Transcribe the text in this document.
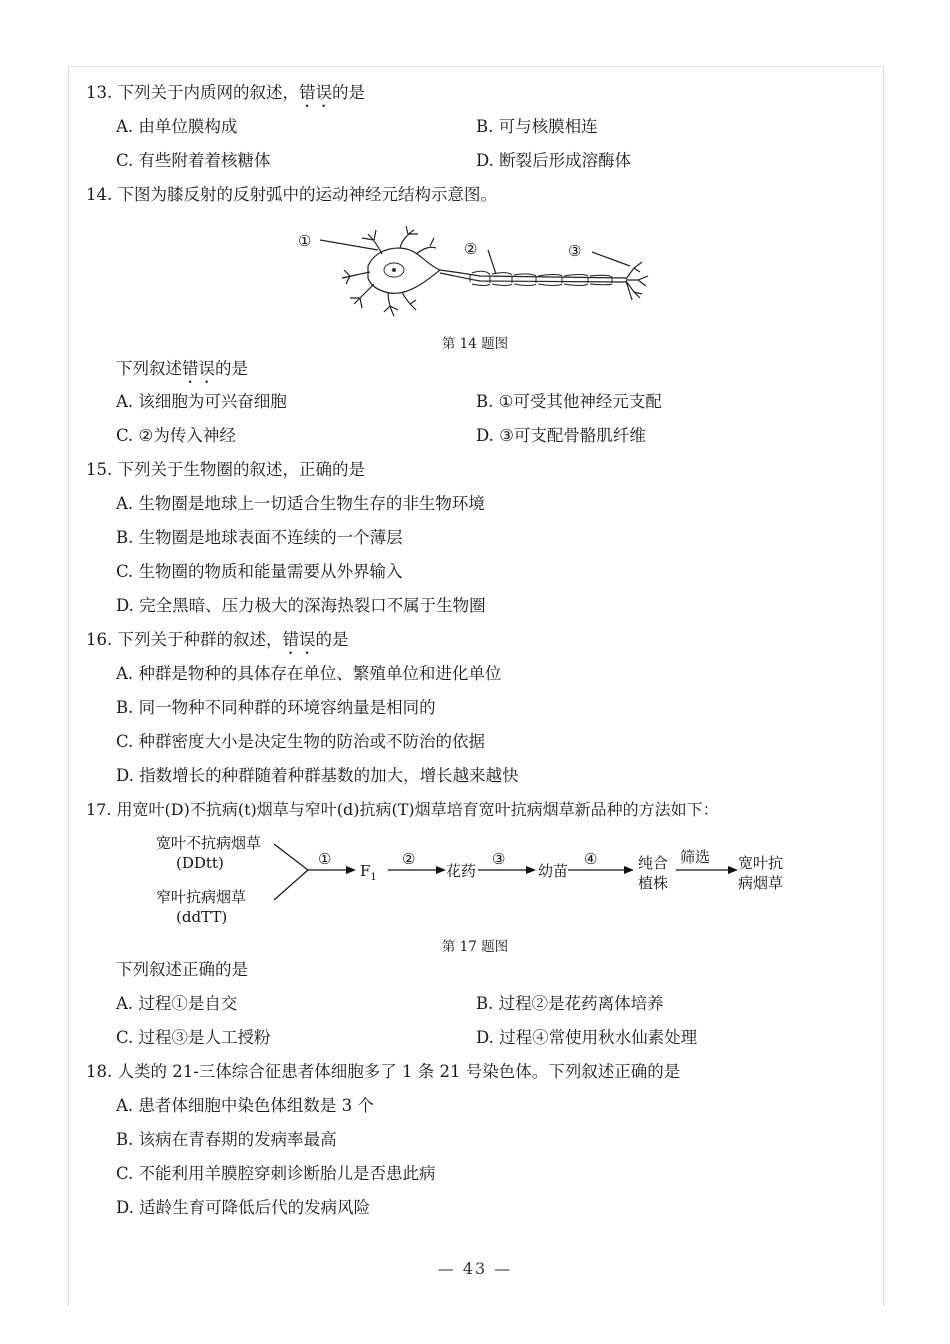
13. 下列关于内质网的叙述，错误的是
A. 由单位膜构成	B. 可与核膜相连
C. 有些附着着核糖体	D. 断裂后形成溶酶体
14. 下图为膝反射的反射弧中的运动神经元结构示意图。
①	②	③
第 14 题图
下列叙述错误的是
A. 该细胞为可兴奋细胞	B. ①可受其他神经元支配
C. ②为传入神经	D. ③可支配骨骼肌纤维
15. 下列关于生物圈的叙述，正确的是
A. 生物圈是地球上一切适合生物生存的非生物环境
B. 生物圈是地球表面不连续的一个薄层
C. 生物圈的物质和能量需要从外界输入
D. 完全黑暗、压力极大的深海热裂口不属于生物圈
16. 下列关于种群的叙述，错误的是
A. 种群是物种的具体存在单位、繁殖单位和进化单位
B. 同一物种不同种群的环境容纳量是相同的
C. 种群密度大小是决定生物的防治或不防治的依据
D. 指数增长的种群随着种群基数的加大，增长越来越快
17. 用宽叶(D)不抗病(t)烟草与窄叶(d)抗病(T)烟草培育宽叶抗病烟草新品种的方法如下：
宽叶不抗病烟草
(DDtt)
窄叶抗病烟草
(ddTT)
①
$F_1$
②
花药
③
幼苗
④	纯合
植株
筛选 宽叶抗
病烟草
第 17 题图
下列叙述正确的是
A. 过程①是自交	B. 过程②是花药离体培养
C. 过程③是人工授粉	D. 过程④常使用秋水仙素处理
18. 人类的 21-三体综合征患者体细胞多了 1 条 21 号染色体。下列叙述正确的是
A. 患者体细胞中染色体组数是 3 个
B. 该病在青春期的发病率最高
C. 不能利用羊膜腔穿刺诊断胎儿是否患此病
D. 适龄生育可降低后代的发病风险
— 43 —
